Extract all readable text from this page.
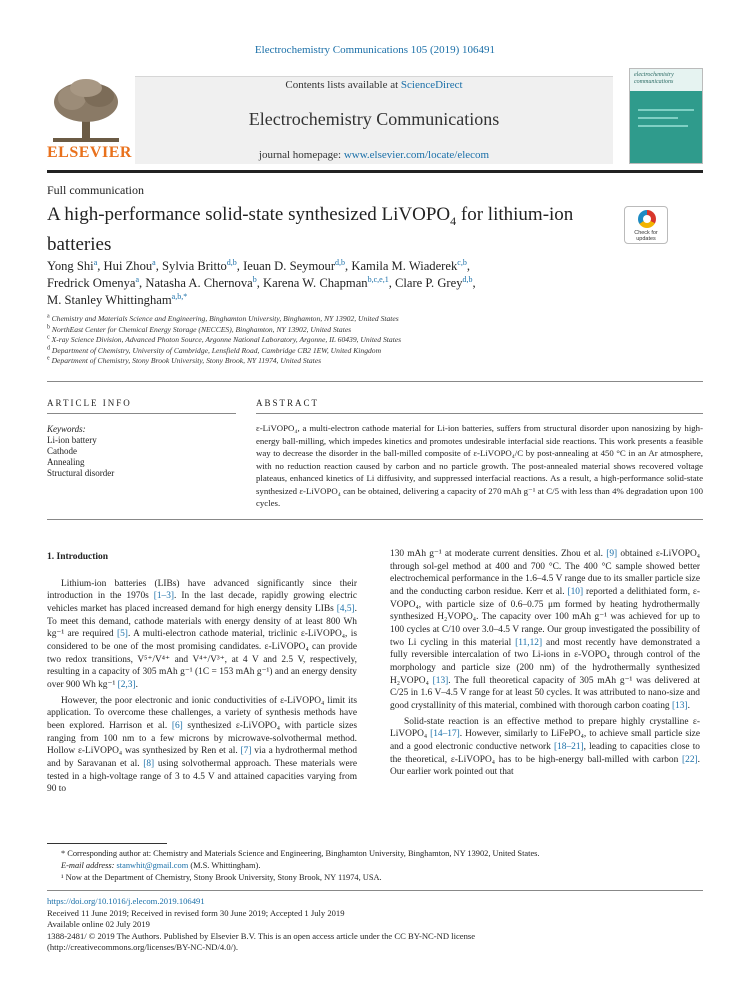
Electrochemistry Communications 105 (2019) 106491
ELSEVIER
Contents lists available at ScienceDirect
Electrochemistry Communications
journal homepage: www.elsevier.com/locate/elecom
electrochemistry communications
Full communication
A high-performance solid-state synthesized LiVOPO$_4$ for lithium-ion batteries
Check for updates
Yong Shi$^a$, Hui Zhou$^a$, Sylvia Britto$^{d,b}$, Ieuan D. Seymour$^{d,b}$, Kamila M. Wiaderek$^{c,b}$,
Fredrick Omenya$^a$, Natasha A. Chernova$^b$, Karena W. Chapman$^{b,c,e,1}$, Clare P. Grey$^{d,b}$,
M. Stanley Whittingham$^{a,b,*}$
$^a$ Chemistry and Materials Science and Engineering, Binghamton University, Binghamton, NY 13902, United States
$^b$ NorthEast Center for Chemical Energy Storage (NECCES), Binghamton, NY 13902, United States
$^c$ X-ray Science Division, Advanced Photon Source, Argonne National Laboratory, Argonne, IL 60439, United States
$^d$ Department of Chemistry, University of Cambridge, Lensfield Road, Cambridge CB2 1EW, United Kingdom
$^e$ Department of Chemistry, Stony Brook University, Stony Brook, NY 11974, United States
ARTICLE INFO	ABSTRACT
Keywords:
Li-ion battery
Cathode
Annealing
Structural disorder
ε-LiVOPO₄, a multi-electron cathode material for Li-ion batteries, suffers from structural disorder upon nanosizing by high-energy ball-milling, which impedes kinetics and promotes undesirable interfacial side reactions. This work presents a feasible way to decrease the disorder in the ball-milled composite of ε-LiVOPO₄/C by post-annealing at 450 °C in an Ar atmosphere, with no reduction reaction caused by carbon and no particle growth. The post-annealed material shows recovered voltage plateaus, enhanced kinetics of Li diffusivity, and suppressed interfacial reactions. As a result, a high-performance solid-state synthesized ε-LiVOPO₄ can be obtained, delivering a capacity of 270 mAh g⁻¹ at C/5 with less than 4% degradation upon 100 cycles.
1. Introduction

Lithium-ion batteries (LIBs) have advanced significantly since their introduction in the 1970s [1–3]. In the last decade, rapidly growing electric vehicles market has placed increased demand for high energy density LIBs [4,5]. To meet this demand, cathode materials with energy density of at least 800 Wh kg⁻¹ are required [5]. A multi-electron cathode material, triclinic ε-LiVOPO₄, is considered to be one of the most promising candidates. ε-LiVOPO₄ can provide two redox transitions, V⁵⁺/V⁴⁺ and V⁴⁺/V³⁺, at 4 V and 2.5 V, respectively, resulting in a capacity of 305 mAh g⁻¹ (1C = 153 mAh g⁻¹) and an energy density over 900 Wh kg⁻¹ [2,3].

However, the poor electronic and ionic conductivities of ε-LiVOPO₄ limit its application. To overcome these challenges, a variety of synthesis methods have been explored. Harrison et al. [6] synthesized ε-LiVOPO₄ with particle sizes ranging from 100 nm to a few microns by microwave-solvothermal method. Hollow ε-LiVOPO₄ was synthesized by Ren et al. [7] via a hydrothermal method and by Saravanan et al. [8] using solvothermal approach. These materials were tested in a high-voltage range of 3 to 4.5 V and attained capacities varying from 90 to

130 mAh g⁻¹ at moderate current densities. Zhou et al. [9] obtained ε-LiVOPO₄ through sol-gel method at 400 and 700 °C. The 400 °C sample showed better electrochemical performance in the 1.6–4.5 V range due to its smaller particle size and the conducting carbon residue. Kerr et al. [10] reported a delithiated form, ε-VOPO₄, with particle size of 0.6–0.75 μm formed by heating hydrothermally synthesized H₂VOPO₄. The capacity over 100 mAh g⁻¹ was achieved for up to 100 cycles at C/10 over 3.0–4.5 V range. Our group investigated the possibility of two Li cycling in this material [11,12] and most recently have demonstrated a fully reversible intercalation of two Li-ions in ε-VOPO₄ through control of the morphology and particle size (200 nm) of the hydrothermally synthesized H₂VOPO₄ [13]. The full theoretical capacity of 305 mAh g⁻¹ was delivered at C/25 in 1.6 V–4.5 V range for at least 50 cycles. It was attributed to nano-size and good crystallinity of this material, combined with thorough carbon coating [13].

Solid-state reaction is an effective method to prepare highly crystalline ε-LiVOPO₄ [14–17]. However, similarly to LiFePO₄, to achieve small particle size and a good electronic conductive network [18–21], leading to capacities close to the theoretical, ε-LiVOPO₄ has to be high-energy ball-milled with carbon [22]. Our earlier work pointed out that

* Corresponding author at: Chemistry and Materials Science and Engineering, Binghamton University, Binghamton, NY 13902, United States.
E-mail address: stanwhit@gmail.com (M.S. Whittingham).
¹ Now at the Department of Chemistry, Stony Brook University, Stony Brook, NY 11974, USA.
https://doi.org/10.1016/j.elecom.2019.106491
Received 11 June 2019; Received in revised form 30 June 2019; Accepted 1 July 2019
Available online 02 July 2019
1388-2481/ © 2019 The Authors. Published by Elsevier B.V. This is an open access article under the CC BY-NC-ND license
(http://creativecommons.org/licenses/BY-NC-ND/4.0/).
